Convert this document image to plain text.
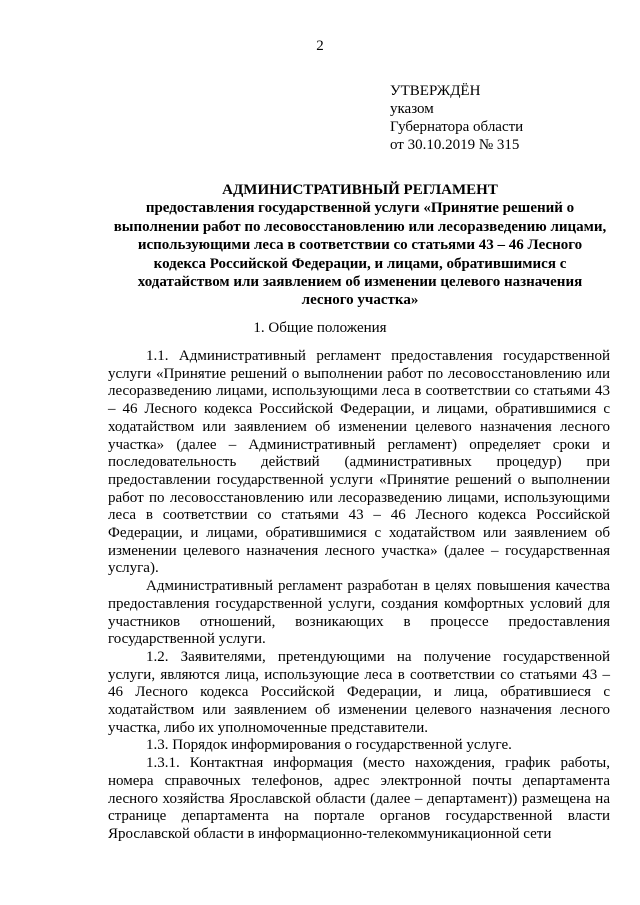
2
УТВЕРЖДЁН
указом
Губернатора области
от 30.10.2019 № 315
АДМИНИСТРАТИВНЫЙ РЕГЛАМЕНТ
предоставления государственной услуги «Принятие решений о выполнении работ по лесовосстановлению или лесоразведению лицами, использующими леса в соответствии со статьями 43 – 46 Лесного кодекса Российской Федерации, и лицами, обратившимися с ходатайством или заявлением об изменении целевого назначения лесного участка»
1. Общие положения

1.1. Административный регламент предоставления государственной услуги «Принятие решений о выполнении работ по лесовосстановлению или лесоразведению лицами, использующими леса в соответствии со статьями 43 – 46 Лесного кодекса Российской Федерации, и лицами, обратившимися с ходатайством или заявлением об изменении целевого назначения лесного участка» (далее – Административный регламент) определяет сроки и последовательность действий (административных процедур) при предоставлении государственной услуги «Принятие решений о выполнении работ по лесовосстановлению или лесоразведению лицами, использующими леса в соответствии со статьями 43 – 46 Лесного кодекса Российской Федерации, и лицами, обратившимися с ходатайством или заявлением об изменении целевого назначения лесного участка» (далее – государственная услуга).

Административный регламент разработан в целях повышения качества предоставления государственной услуги, создания комфортных условий для участников отношений, возникающих в процессе предоставления государственной услуги.

1.2. Заявителями, претендующими на получение государственной услуги, являются лица, использующие леса в соответствии со статьями 43 – 46 Лесного кодекса Российской Федерации, и лица, обратившиеся с ходатайством или заявлением об изменении целевого назначения лесного участка, либо их уполномоченные представители.

1.3. Порядок информирования о государственной услуге.

1.3.1. Контактная информация (место нахождения, график работы, номера справочных телефонов, адрес электронной почты департамента лесного хозяйства Ярославской области (далее – департамент)) размещена на странице департамента на портале органов государственной власти Ярославской области в информационно-телекоммуникационной сети
